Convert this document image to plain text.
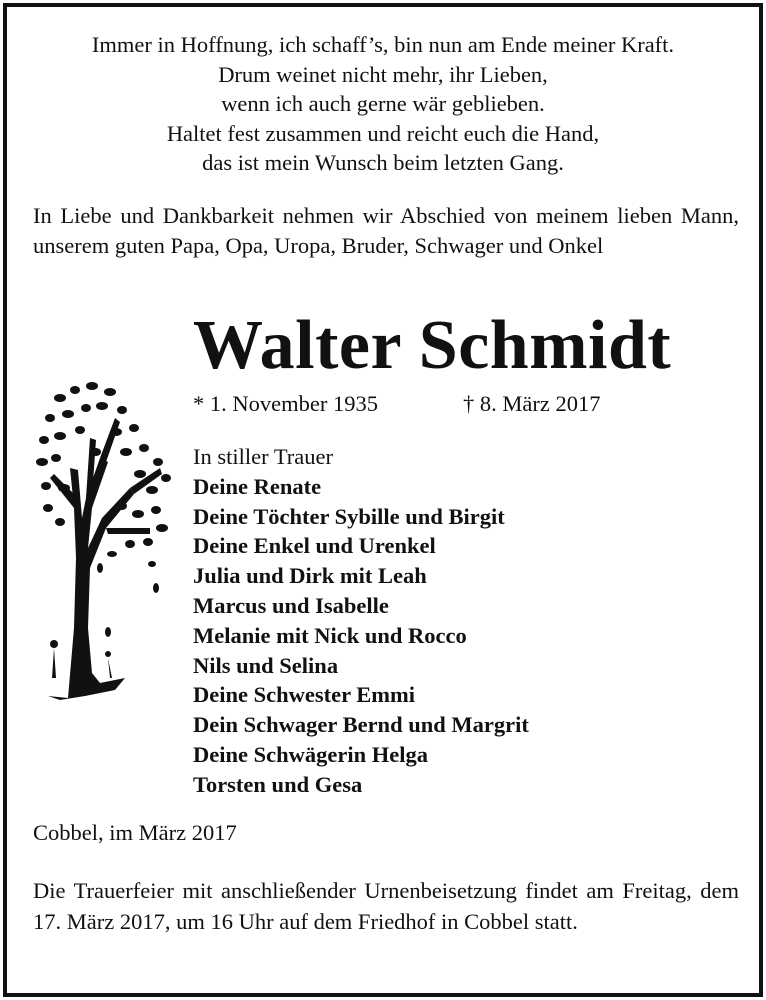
Immer in Hoffnung, ich schaff’s, bin nun am Ende meiner Kraft.
Drum weinet nicht mehr, ihr Lieben,
wenn ich auch gerne wär geblieben.
Haltet fest zusammen und reicht euch die Hand,
das ist mein Wunsch beim letzten Gang.
In Liebe und Dankbarkeit nehmen wir Abschied von meinem lieben Mann, unserem guten Papa, Opa, Uropa, Bruder, Schwager und Onkel
Walter Schmidt
* 1. November 1935	† 8. März 2017
In stiller Trauer
Deine Renate
Deine Töchter Sybille und Birgit
Deine Enkel und Urenkel
Julia und Dirk mit Leah
Marcus und Isabelle
Melanie mit Nick und Rocco
Nils und Selina
Deine Schwester Emmi
Dein Schwager Bernd und Margrit
Deine Schwägerin Helga
Torsten und Gesa
Cobbel, im März 2017
Die Trauerfeier mit anschließender Urnenbeisetzung findet am Freitag, dem 17. März 2017, um 16 Uhr auf dem Friedhof in Cobbel statt.
